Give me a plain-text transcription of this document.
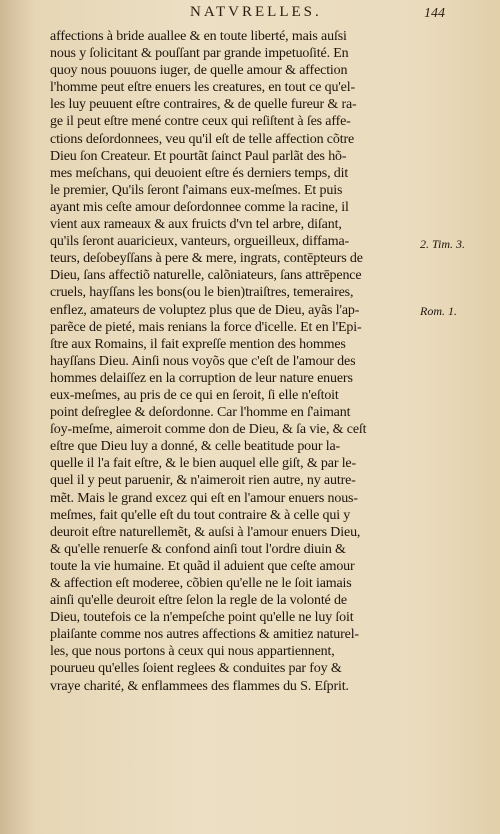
NATVRELLES.	144
affections à bride auallee & en toute liberté, mais auſsi
nous y ſolicitant & pouſſant par grande impetuoſité. En
quoy nous pouuons iuger, de quelle amour & affection
l'homme peut eſtre enuers les creatures, en tout ce qu'el-
les luy peuuent eſtre contraires, & de quelle fureur & ra-
ge il peut eſtre mené contre ceux qui reſiſtent à ſes affe-
ctions deſordonnees, veu qu'il eſt de telle affection cõtre
Dieu ſon Createur. Et pourtãt ſainct Paul parlãt des hõ-
mes meſchans, qui deuoient eſtre és derniers temps, dit
le premier, Qu'ils ſeront ſ'aimans eux-meſmes. Et puis
ayant mis ceſte amour deſordonnee comme la racine, il
vient aux rameaux & aux fruicts d'vn tel arbre, diſant,
qu'ils ſeront auaricieux, vanteurs, orgueilleux, diffama-
teurs, deſobeyſſans à pere & mere, ingrats, contēpteurs de
Dieu, ſans affectiõ naturelle, calõniateurs, ſans attrēpence
cruels, hayſſans les bons(ou le bien)traiſtres, temeraires,
enflez, amateurs de voluptez plus que de Dieu, ayãs l'ap-
parẽce de pieté, mais renians la force d'icelle. Et en l'Epi-
ſtre aux Romains, il fait expreſſe mention des hommes
hayſſans Dieu. Ainſi nous voyõs que c'eſt de l'amour des
hommes delaiſſez en la corruption de leur nature enuers
eux-meſmes, au pris de ce qui en ſeroit, ſi elle n'eſtoit
point deſreglee & deſordonne. Car l'homme en ſ'aimant
ſoy-meſme, aimeroit comme don de Dieu, & ſa vie, & ceſt
eſtre que Dieu luy a donné, & celle beatitude pour la-
quelle il l'a fait eſtre, & le bien auquel elle giſt, & par le-
quel il y peut paruenir, & n'aimeroit rien autre, ny autre-
mẽt. Mais le grand excez qui eſt en l'amour enuers nous-
meſmes, fait qu'elle eſt du tout contraire & à celle qui y
deuroit eſtre naturellemẽt, & auſsi à l'amour enuers Dieu,
& qu'elle renuerſe & confond ainſi tout l'ordre diuin &
toute la vie humaine. Et quãd il aduient que ceſte amour
& affection eſt moderee, cõbien qu'elle ne le ſoit iamais
ainſi qu'elle deuroit eſtre ſelon la regle de la volonté de
Dieu, toutefois ce la n'empeſche point qu'elle ne luy ſoit
plaiſante comme nos autres affections & amitiez naturel-
les, que nous portons à ceux qui nous appartiennent,
pourueu qu'elles ſoient reglees & conduites par foy &
vraye charité, & enflammees des flammes du S. Eſprit.
2. Tim. 3.
Rom. 1.
